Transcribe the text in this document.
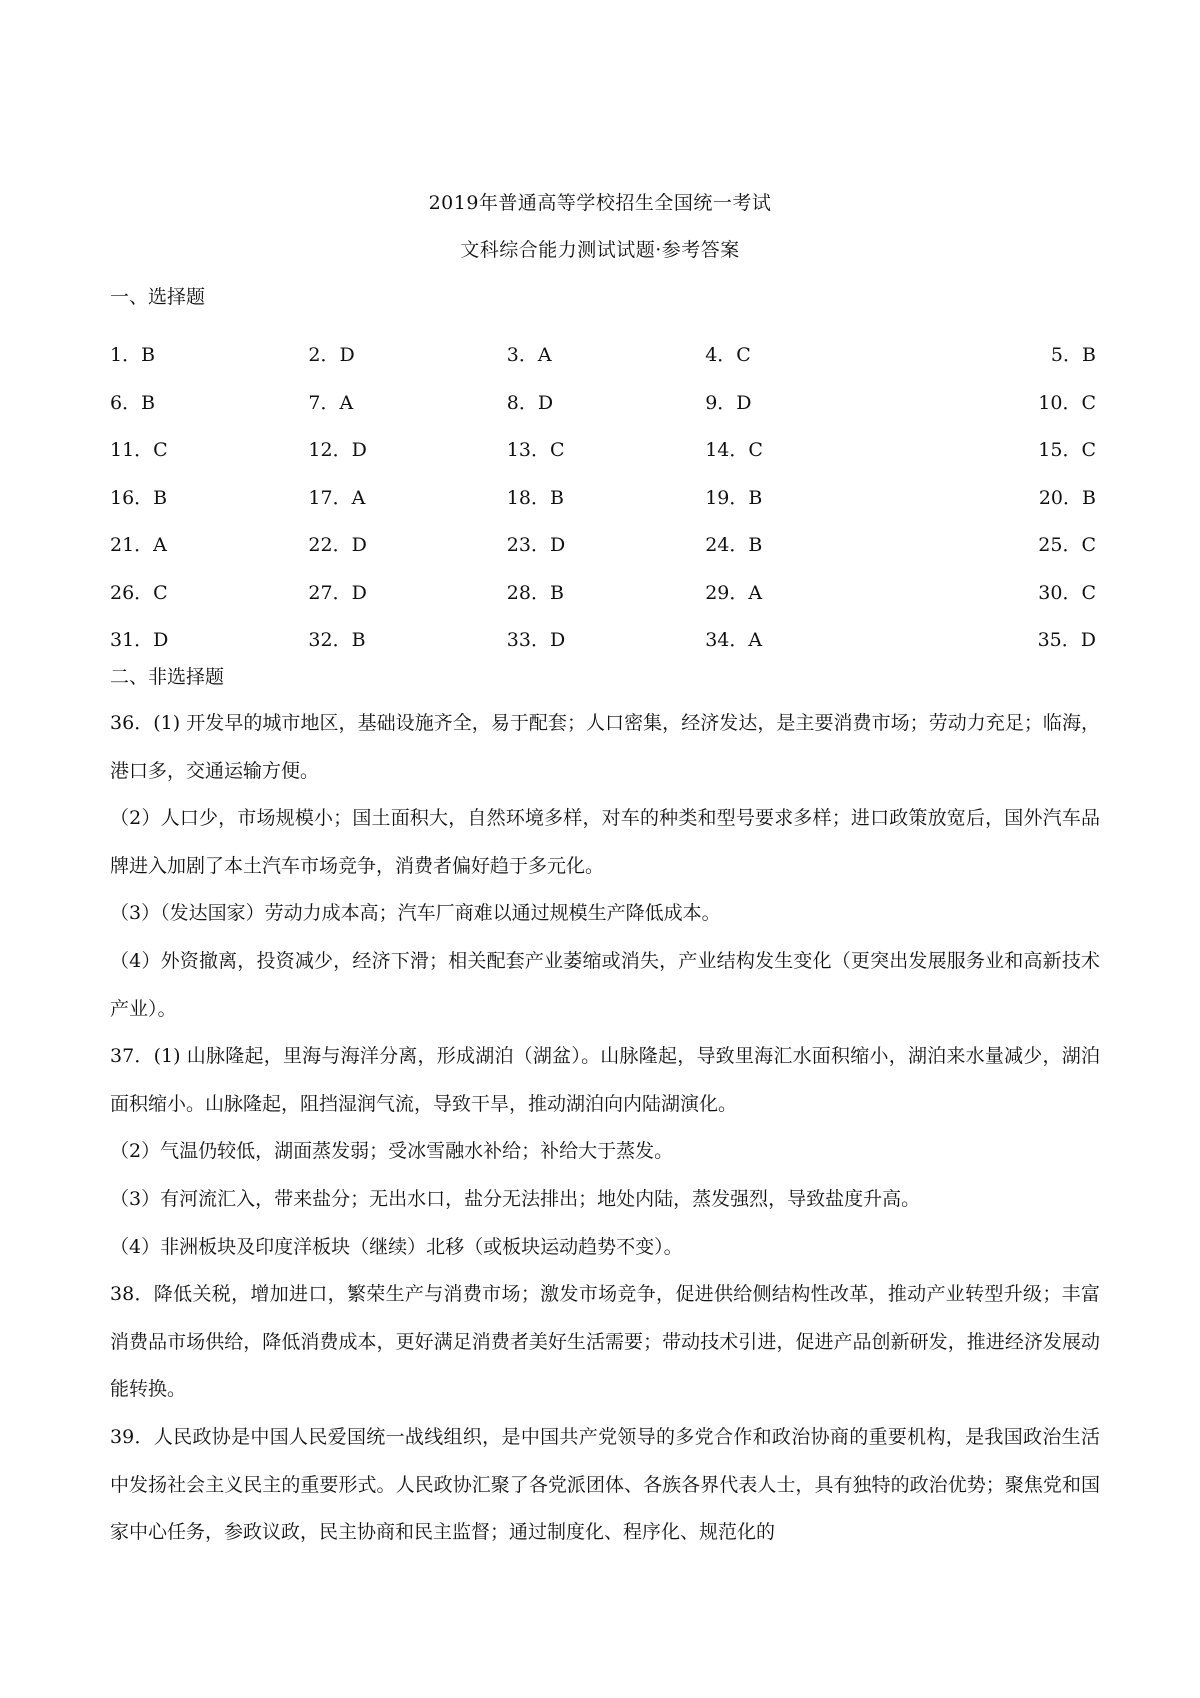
2019年普通高等学校招生全国统一考试
文科综合能力测试试题·参考答案
一、选择题
1．B	2．D	3．A	4．C	5．B
6．B	7．A	8．D	9．D	10．C
11．C	12．D	13．C	14．C	15．C
16．B	17．A	18．B	19．B	20．B
21．A	22．D	23．D	24．B	25．C
26．C	27．D	28．B	29．A	30．C
31．D	32．B	33．D	34．A	35．D
二、非选择题

36．(1) 开发早的城市地区，基础设施齐全，易于配套；人口密集，经济发达，是主要消费市场；劳动力充足；临海，港口多，交通运输方便。

（2）人口少，市场规模小；国土面积大，自然环境多样，对车的种类和型号要求多样；进口政策放宽后，国外汽车品牌进入加剧了本土汽车市场竞争，消费者偏好趋于多元化。

（3）（发达国家）劳动力成本高；汽车厂商难以通过规模生产降低成本。

（4）外资撤离，投资减少，经济下滑；相关配套产业萎缩或消失，产业结构发生变化（更突出发展服务业和高新技术产业）。

37．(1) 山脉隆起，里海与海洋分离，形成湖泊（湖盆）。山脉隆起，导致里海汇水面积缩小，湖泊来水量减少，湖泊面积缩小。山脉隆起，阻挡湿润气流，导致干旱，推动湖泊向内陆湖演化。

（2）气温仍较低，湖面蒸发弱；受冰雪融水补给；补给大于蒸发。

（3）有河流汇入，带来盐分；无出水口，盐分无法排出；地处内陆，蒸发强烈，导致盐度升高。

（4）非洲板块及印度洋板块（继续）北移（或板块运动趋势不变）。

38．降低关税，增加进口，繁荣生产与消费市场；激发市场竞争，促进供给侧结构性改革，推动产业转型升级；丰富消费品市场供给，降低消费成本，更好满足消费者美好生活需要；带动技术引进，促进产品创新研发，推进经济发展动能转换。

39．人民政协是中国人民爱国统一战线组织，是中国共产党领导的多党合作和政治协商的重要机构，是我国政治生活中发扬社会主义民主的重要形式。人民政协汇聚了各党派团体、各族各界代表人士，具有独特的政治优势；聚焦党和国家中心任务，参政议政，民主协商和民主监督；通过制度化、程序化、规范化的
